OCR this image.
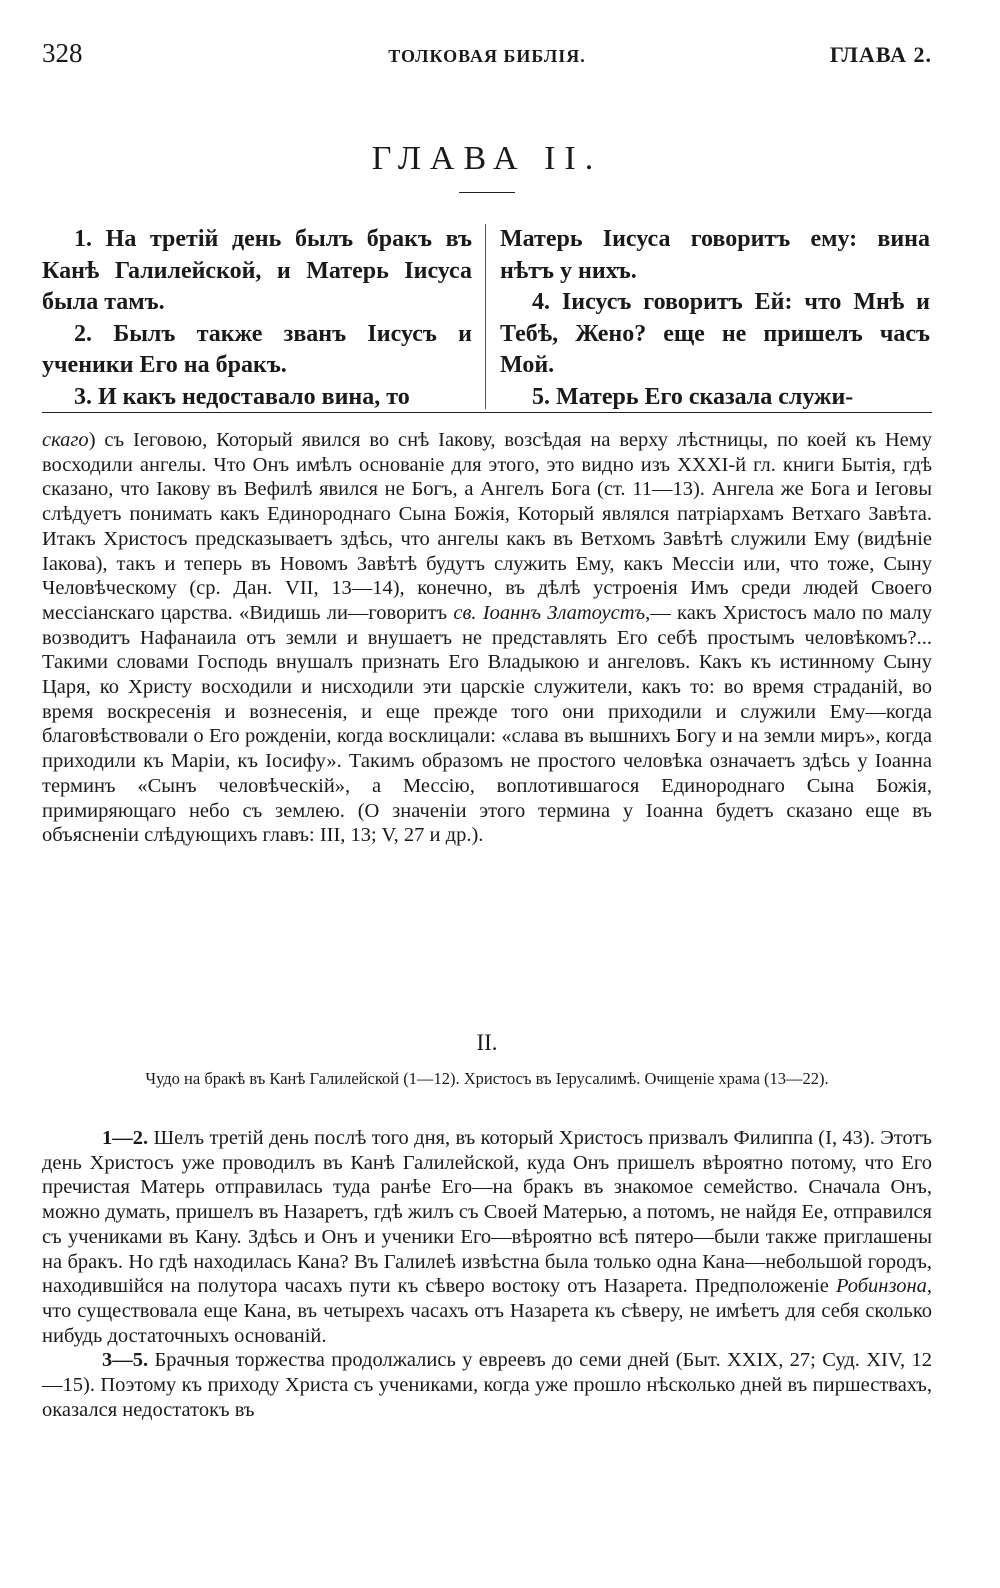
328	ТОЛКОВАЯ БИБЛІЯ.	ГЛАВА 2.
ГЛАВА II.
1. На третій день былъ бракъ въ Канѣ Галилейской, и Матерь Іисуса была тамъ.
2. Былъ также званъ Іисусъ и ученики Его на бракъ.
3. И какъ недоставало вина, то
Матерь Іисуса говоритъ ему: вина нѣтъ у нихъ.
4. Іисусъ говоритъ Ей: что Мнѣ и Тебѣ, Жено? еще не пришелъ часъ Мой.
5. Матерь Его сказала служи-
скаго) съ Іеговою, Который явился во снѣ Іакову, возсѣдая на верху лѣстницы, по коей къ Нему восходили ангелы. Что Онъ имѣлъ основаніе для этого, это видно изъ XXXI-й гл. книги Бытія, гдѣ сказано, что Іакову въ Вефилѣ явился не Богъ, а Ангелъ Бога (ст. 11—13). Ангела же Бога и Іеговы слѣдуетъ понимать какъ Единороднаго Сына Божія, Который являлся патріархамъ Ветхаго Завѣта. Итакъ Христосъ предсказываетъ здѣсь, что ангелы какъ въ Ветхомъ Завѣтѣ служили Ему (видѣніе Іакова), такъ и теперь въ Новомъ Завѣтѣ будутъ служить Ему, какъ Мессіи или, что тоже, Сыну Человѣческому (ср. Дан. VII, 13—14), конечно, въ дѣлѣ устроенія Имъ среди людей Своего мессіанскаго царства. «Видишь ли—говоритъ св. Іоаннъ Златоустъ,— какъ Христосъ мало по малу возводитъ Нафанаила отъ земли и внушаетъ не представлять Его себѣ простымъ человѣкомъ?... Такими словами Господь внушалъ признать Его Владыкою и ангеловъ. Какъ къ истинному Сыну Царя, ко Христу восходили и нисходили эти царскіе служители, какъ то: во время страданій, во время воскресенія и вознесенія, и еще прежде того они приходили и служили Ему—когда благовѣствовали о Его рожденіи, когда восклицали: «слава въ вышнихъ Богу и на земли миръ», когда приходили къ Маріи, къ Іосифу». Такимъ образомъ не простого человѣка означаетъ здѣсь у Іоанна терминъ «Сынъ человѣческій», а Мессію, воплотившагося Единороднаго Сына Божія, примиряющаго небо съ землею. (О значеніи этого термина у Іоанна будетъ сказано еще въ объясненіи слѣдующихъ главъ: III, 13; V, 27 и др.).
II.
Чудо на бракѣ въ Канѣ Галилейской (1—12). Христосъ въ Іерусалимѣ. Очищеніе храма (13—22).

1—2. Шелъ третій день послѣ того дня, въ который Христосъ призвалъ Филиппа (I, 43). Этотъ день Христосъ уже проводилъ въ Канѣ Галилейской, куда Онъ пришелъ вѣроятно потому, что Его пречистая Матерь отправилась туда ранѣе Его—на бракъ въ знакомое семейство. Сначала Онъ, можно думать, пришелъ въ Назаретъ, гдѣ жилъ съ Своей Матерью, а потомъ, не найдя Ее, отправился съ учениками въ Кану. Здѣсь и Онъ и ученики Его—вѣроятно всѣ пятеро—были также приглашены на бракъ. Но гдѣ находилась Кана? Въ Галилеѣ извѣстна была только одна Кана—небольшой городъ, находившійся на полутора часахъ пути къ сѣверо востоку отъ Назарета. Предположеніе Робинзона, что существовала еще Кана, въ четырехъ часахъ отъ Назарета къ сѣверу, не имѣетъ для себя сколько нибудь достаточныхъ основаній.

3—5. Брачныя торжества продолжались у евреевъ до семи дней (Быт. XXIX, 27; Суд. XIV, 12—15). Поэтому къ приходу Христа съ учениками, когда уже прошло нѣсколько дней въ пиршествахъ, оказался недостатокъ въ
